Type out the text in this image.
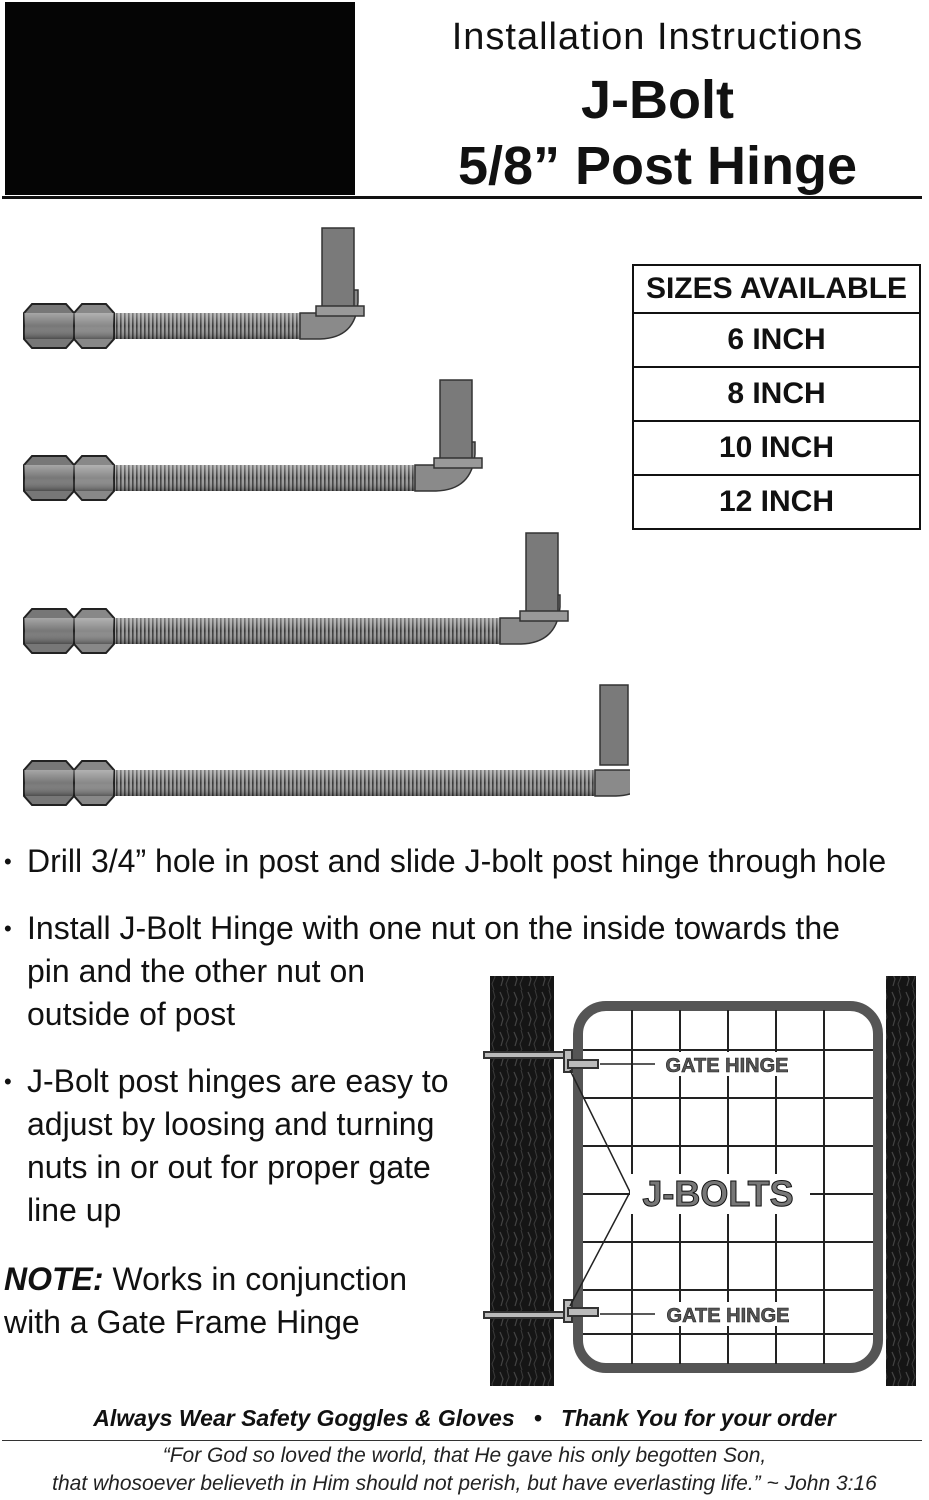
Installation Instructions
J-Bolt
5/8” Post Hinge
SIZES AVAILABLE
6 INCH
8 INCH
10 INCH
12 INCH
• Drill 3/4” hole in post and slide J-bolt post hinge through hole
• Install J-Bolt Hinge with one nut on the inside towards the
pin and the other nut on
outside of post
• J-Bolt post hinges are easy to
adjust by loosing and turning
nuts in or out for proper gate
line up
NOTE: Works in conjunction
with a Gate Frame Hinge
GATE HINGE
J-BOLTS
GATE HINGE
Always Wear Safety Goggles & Gloves • Thank You for your order
“For God so loved the world, that He gave his only begotten Son,
that whosoever believeth in Him should not perish, but have everlasting life.” ~ John 3:16
